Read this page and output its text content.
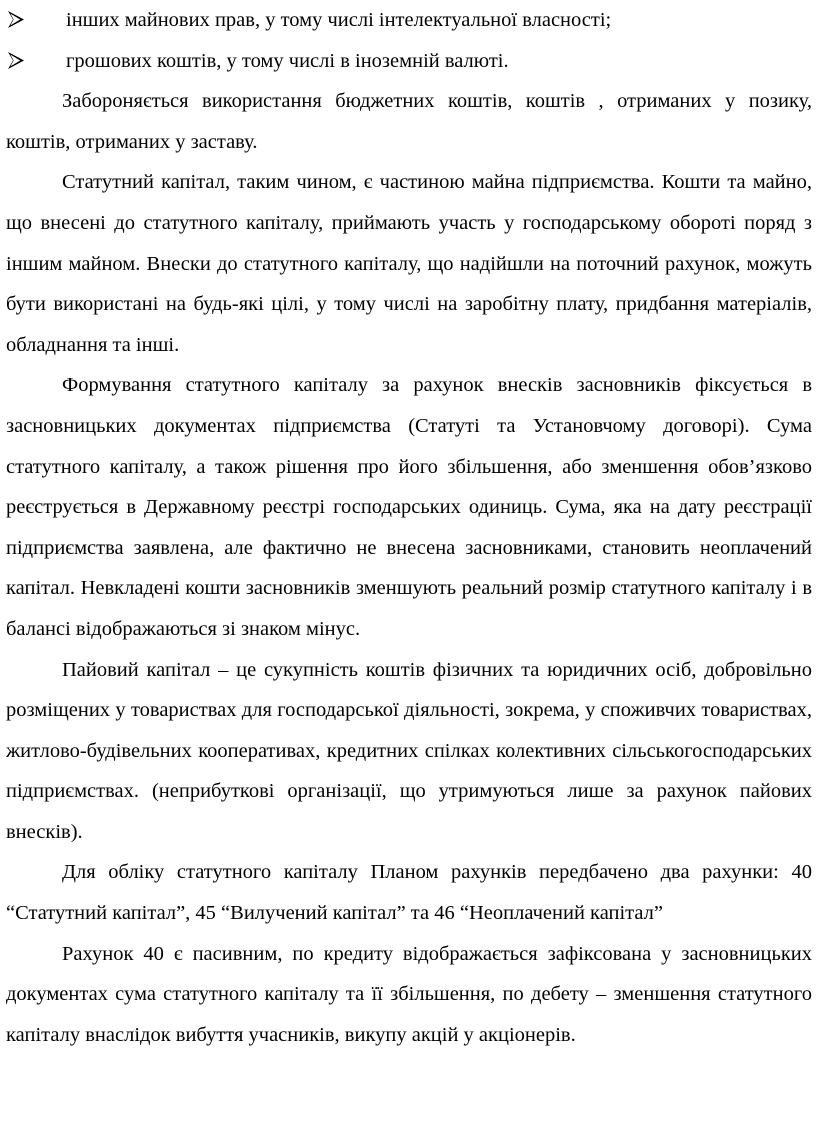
інших майнових прав, у тому числі інтелектуальної власності;
грошових коштів, у тому числі в іноземній валюті.

Забороняється використання бюджетних коштів, коштів , отриманих у позику, коштів, отриманих у заставу.

Статутний капітал, таким чином, є частиною майна підприємства. Кошти та майно, що внесені до статутного капіталу, приймають участь у господарському обороті поряд з іншим майном. Внески до статутного капіталу, що надійшли на поточний рахунок, можуть бути використані на будь-які цілі, у тому числі на заробітну плату, придбання матеріалів, обладнання та інші.

Формування статутного капіталу за рахунок внесків засновників фіксується в засновницьких документах підприємства (Статуті та Установчому договорі). Сума статутного капіталу, а також рішення про його збільшення, або зменшення обов’язково реєструється в Державному реєстрі господарських одиниць. Сума, яка на дату реєстрації підприємства заявлена, але фактично не внесена засновниками, становить неоплачений капітал. Невкладені кошти засновників зменшують реальний розмір статутного капіталу і в балансі відображаються зі знаком мінус.

Пайовий капітал – це сукупність коштів фізичних та юридичних осіб, добровільно розміщених у товариствах для господарської діяльності, зокрема, у споживчих товариствах, житлово-будівельних кооперативах, кредитних спілках колективних сільськогосподарських підприємствах. (неприбуткові організації, що утримуються лише за рахунок пайових внесків).

Для обліку статутного капіталу Планом рахунків передбачено два рахунки: 40 “Статутний капітал”, 45 “Вилучений капітал” та 46 “Неоплачений капітал”

Рахунок 40 є пасивним, по кредиту відображається зафіксована у засновницьких документах сума статутного капіталу та її збільшення, по дебету – зменшення статутного капіталу внаслідок вибуття учасників, викупу акцій у акціонерів.
